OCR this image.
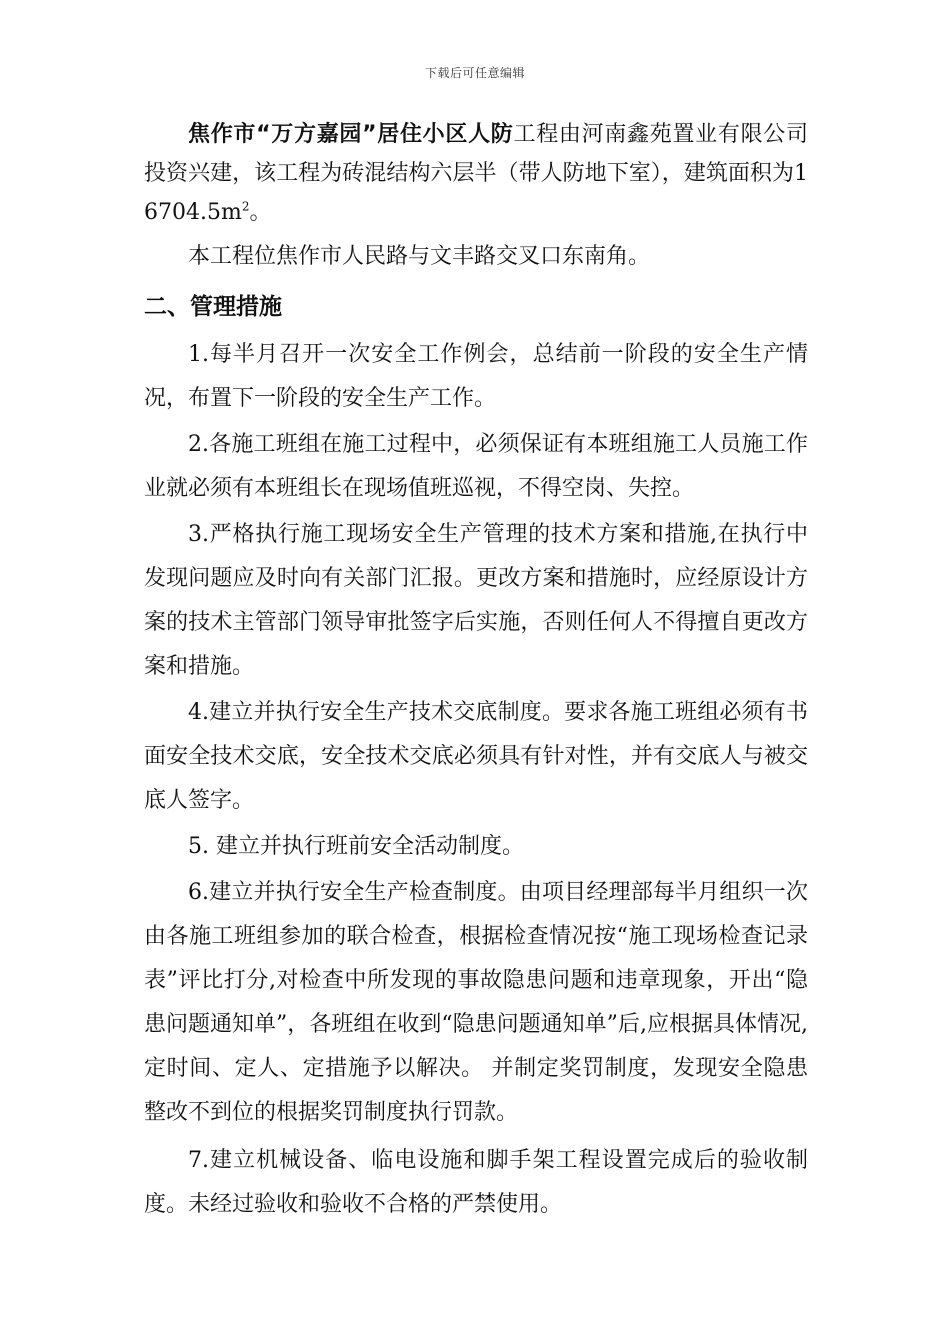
下载后可任意编辑

焦作市“万方嘉园”居住小区人防工程由河南鑫苑置业有限公司投资兴建，该工程为砖混结构六层半（带人防地下室），建筑面积为$16704.5m^2$。

本工程位焦作市人民路与文丰路交叉口东南角。

二、管理措施

1.每半月召开一次安全工作例会，总结前一阶段的安全生产情况，布置下一阶段的安全生产工作。

2.各施工班组在施工过程中，必须保证有本班组施工人员施工作业就必须有本班组长在现场值班巡视，不得空岗、失控。

3.严格执行施工现场安全生产管理的技术方案和措施,在执行中发现问题应及时向有关部门汇报。更改方案和措施时，应经原设计方案的技术主管部门领导审批签字后实施，否则任何人不得擅自更改方案和措施。

4.建立并执行安全生产技术交底制度。要求各施工班组必须有书面安全技术交底，安全技术交底必须具有针对性，并有交底人与被交底人签字。

5. 建立并执行班前安全活动制度。

6.建立并执行安全生产检查制度。由项目经理部每半月组织一次由各施工班组参加的联合检查，根据检查情况按“施工现场检查记录表”评比打分,对检查中所发现的事故隐患问题和违章现象，开出“隐患问题通知单”，各班组在收到“隐患问题通知单”后,应根据具体情况,定时间、定人、定措施予以解决。 并制定奖罚制度，发现安全隐患整改不到位的根据奖罚制度执行罚款。

7.建立机械设备、临电设施和脚手架工程设置完成后的验收制度。未经过验收和验收不合格的严禁使用。
